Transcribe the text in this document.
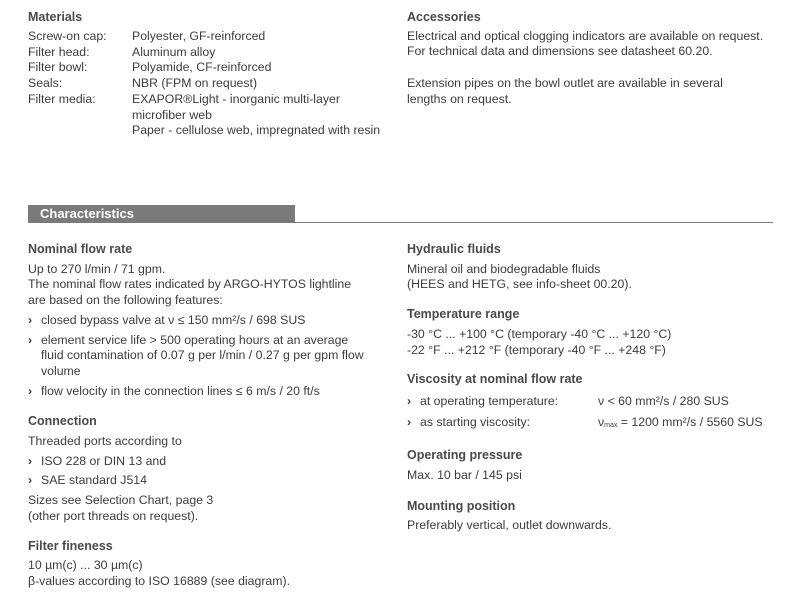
Materials
Screw-on cap:	Polyester, GF-reinforced
Filter head:	Aluminum alloy
Filter bowl:	Polyamide, CF-reinforced
Seals:	NBR (FPM on request)
Filter media:	EXAPOR®Light - inorganic multi-layer microfiber web
Paper - cellulose web, impregnated with resin
Accessories
Electrical and optical clogging indicators are available on request. For technical data and dimensions see datasheet 60.20.
Extension pipes on the bowl outlet are available in several lengths on request.
Characteristics
Nominal flow rate
Up to 270 l/min / 71 gpm.
The nominal flow rates indicated by ARGO-HYTOS lightline are based on the following features:
› closed bypass valve at ν ≤ 150 mm²/s / 698 SUS
› element service life > 500 operating hours at an average fluid contamination of 0.07 g per l/min / 0.27 g per gpm flow volume
› flow velocity in the connection lines ≤ 6 m/s / 20 ft/s
Connection
Threaded ports according to
› ISO 228 or DIN 13 and
› SAE standard J514
Sizes see Selection Chart, page 3
(other port threads on request).
Filter fineness
10 µm(c) ... 30 µm(c)
β-values according to ISO 16889 (see diagram).
Hydraulic fluids
Mineral oil and biodegradable fluids
(HEES and HETG, see info-sheet 00.20).
Temperature range
-30 °C ... +100 °C (temporary -40 °C ... +120 °C)
-22 °F ... +212 °F (temporary -40 °F ... +248 °F)
Viscosity at nominal flow rate
› at operating temperature:	ν < 60 mm²/s / 280 SUS
› as starting viscosity:	$\nu_{max} = 1200$ mm²/s / 5560 SUS
Operating pressure
Max. 10 bar / 145 psi
Mounting position
Preferably vertical, outlet downwards.
